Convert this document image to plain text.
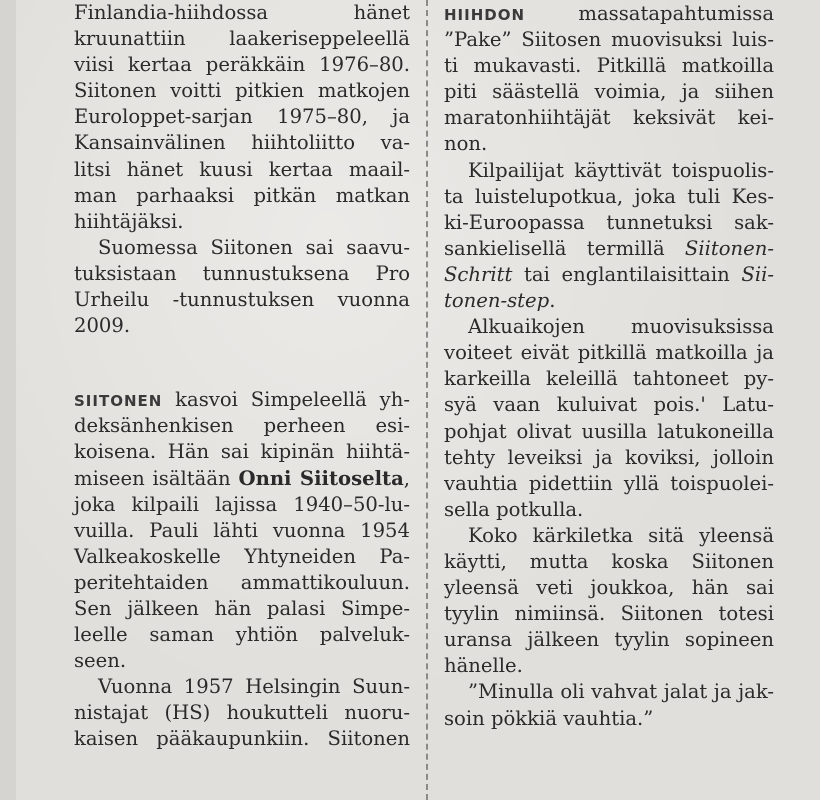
Finlandia-hiihdossa hänet
kruunattiin laakeriseppeleellä
viisi kertaa peräkkäin 1976–80.
Siitonen voitti pitkien matkojen
Euroloppet-sarjan 1975–80, ja
Kansainvälinen hiihtoliitto va-
litsi hänet kuusi kertaa maail-
man parhaaksi pitkän matkan
hiihtäjäksi.
Suomessa Siitonen sai saavu-
tuksistaan tunnustuksena Pro
Urheilu -tunnustuksen vuonna
2009.
SIITONEN kasvoi Simpeleellä yh-
deksänhenkisen perheen esi-
koisena. Hän sai kipinän hiihtä-
miseen isältään Onni Siitoselta,
joka kilpaili lajissa 1940–50-lu-
vuilla. Pauli lähti vuonna 1954
Valkeakoskelle Yhtyneiden Pa-
peritehtaiden ammattikouluun.
Sen jälkeen hän palasi Simpe-
leelle saman yhtiön palveluk-
seen.
Vuonna 1957 Helsingin Suun-
nistajat (HS) houkutteli nuoru-
kaisen pääkaupunkiin. Siitonen
HIIHDON massatapahtumissa
”Pake” Siitosen muovisuksi luis-
ti mukavasti. Pitkillä matkoilla
piti säästellä voimia, ja siihen
maratonhiihtäjät keksivät kei-
non.
Kilpailijat käyttivät toispuolis-
ta luistelupotkua, joka tuli Kes-
ki-Euroopassa tunnetuksi sak-
sankielisellä termillä Siitonen-
Schritt tai englantilaisittain Sii-
tonen-step.
Alkuaikojen muovisuksissa
voiteet eivät pitkillä matkoilla ja
karkeilla keleillä tahtoneet py-
syä vaan kuluivat pois.' Latu-
pohjat olivat uusilla latukoneilla
tehty leveiksi ja koviksi, jolloin
vauhtia pidettiin yllä toispuolei-
sella potkulla.
Koko kärkiletka sitä yleensä
käytti, mutta koska Siitonen
yleensä veti joukkoa, hän sai
tyylin nimiinsä. Siitonen totesi
uransa jälkeen tyylin sopineen
hänelle.
”Minulla oli vahvat jalat ja jak-
soin pökkiä vauhtia.”
